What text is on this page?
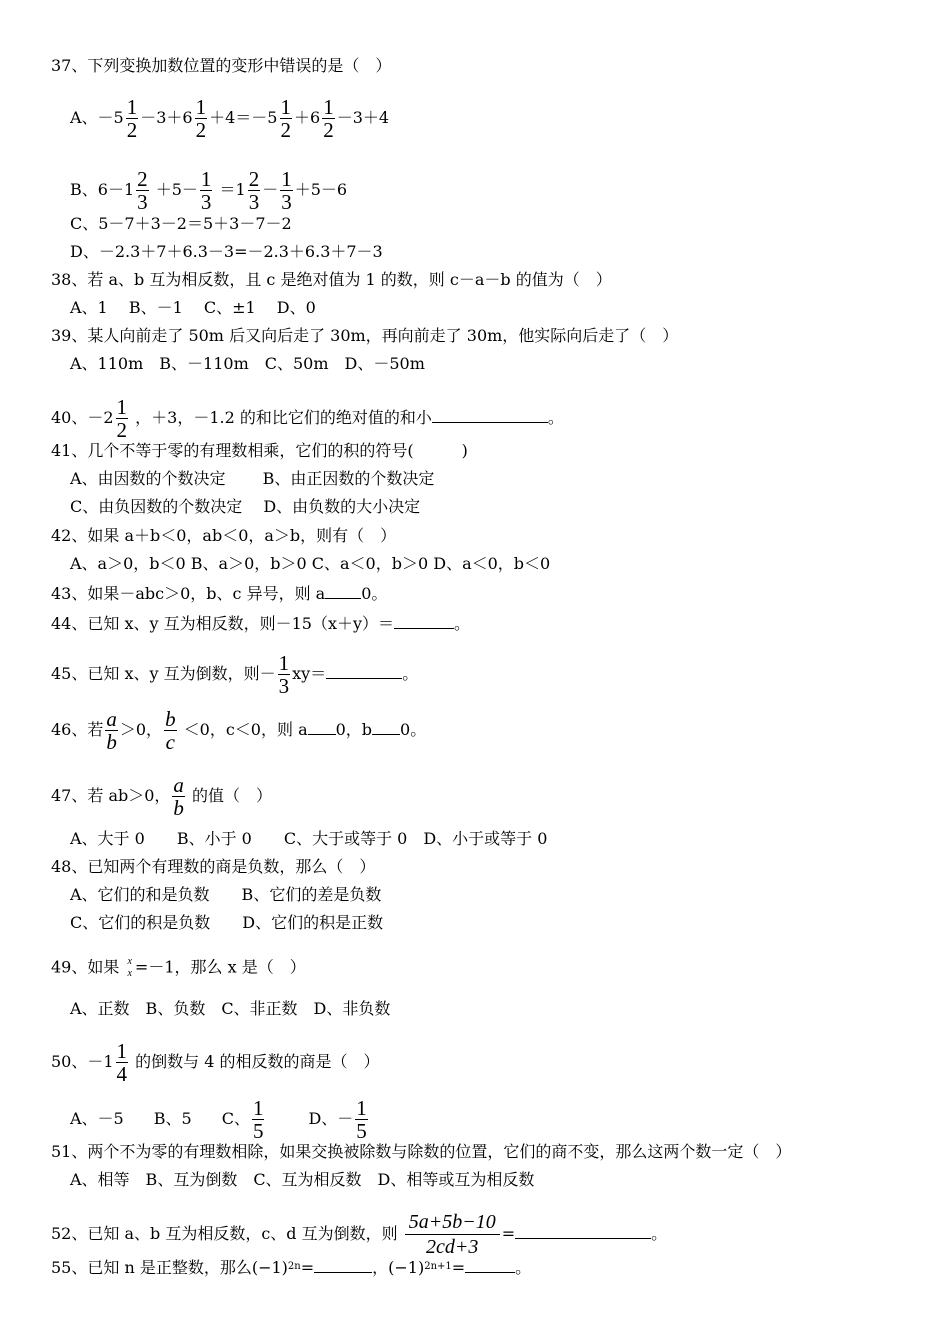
37、下列变换加数位置的变形中错误的是（　）
A、$-5 \frac{1}{2} -3+6 \frac{1}{2} +4=-5 \frac{1}{2} +6 \frac{1}{2} -3+4$
B、$6-1 \frac{2}{3} +5- \frac{1}{3} =1 \frac{2}{3} - \frac{1}{3} +5-6$
C、5－7＋3－2＝5＋3－7－2
D、－2.3＋7＋6.3－3=－2.3＋6.3＋7－3
38、若 a、b 互为相反数，且 c 是绝对值为 1 的数，则 c－a－b 的值为（　）
A、1　 B、－1　 C、±1　 D、0
39、某人向前走了 50m 后又向后走了 30m，再向前走了 30m，他实际向后走了（　）
A、110m　B、－110m　C、50m　D、－50m
40、$-2 \frac{1}{2}$ ，＋3，－1.2 的和比它们的绝对值的和小	。
41、几个不等于零的有理数相乘，它们的积的符号(　　　)
A、由因数的个数决定　　 B、由正因数的个数决定
C、由负因数的个数决定　 D、由负数的大小决定
42、如果 a＋b＜0，ab＜0，a＞b，则有（　）
A、a＞0，b＜0 B、a＞0，b＞0 C、a＜0，b＞0 D、a＜0，b＜0
43、如果－abc＞0，b、c 异号，则 a 0。
44、已知 x、y 互为相反数，则－15（x＋y）＝	。
45、已知 x、y 互为倒数，则－ $\frac{1}{3} xy=$	。
46、若 $\frac{a}{b} >0$， $\frac{b}{c} <0$，c＜0，则 a 0，b 0。
47、若 ab＞0， $\frac{a}{b}$ 的值（　）
A、大于 0　　B、小于 0　　C、大于或等于 0　D、小于或等于 0
48、已知两个有理数的商是负数，那么（　）
A、它们的和是负数　　B、它们的差是负数
C、它们的积是负数　　D、它们的积是正数
49、如果 x
x =－1，那么 x 是（　）
A、正数　B、负数　C、非正数　D、非负数
50、$-1 \frac{1}{4}$ 的倒数与 4 的相反数的商是（　）
A、－5 B、5 C、 $\frac{1}{5}$	D、－ $\frac{1}{5}$
51、两个不为零的有理数相除，如果交换被除数与除数的位置，它们的商不变，那么这两个数一定（　）
A、相等　B、互为倒数　C、互为相反数　D、相等或互为相反数
52、已知 a、b 互为相反数，c、d 互为倒数，则 $\frac{5a+5b-10}{2cd+3}$ =	。
55、已知 n 是正整数，那么$(-1)^{2n}=$	，$(-1)^{2n+1}=$	。
